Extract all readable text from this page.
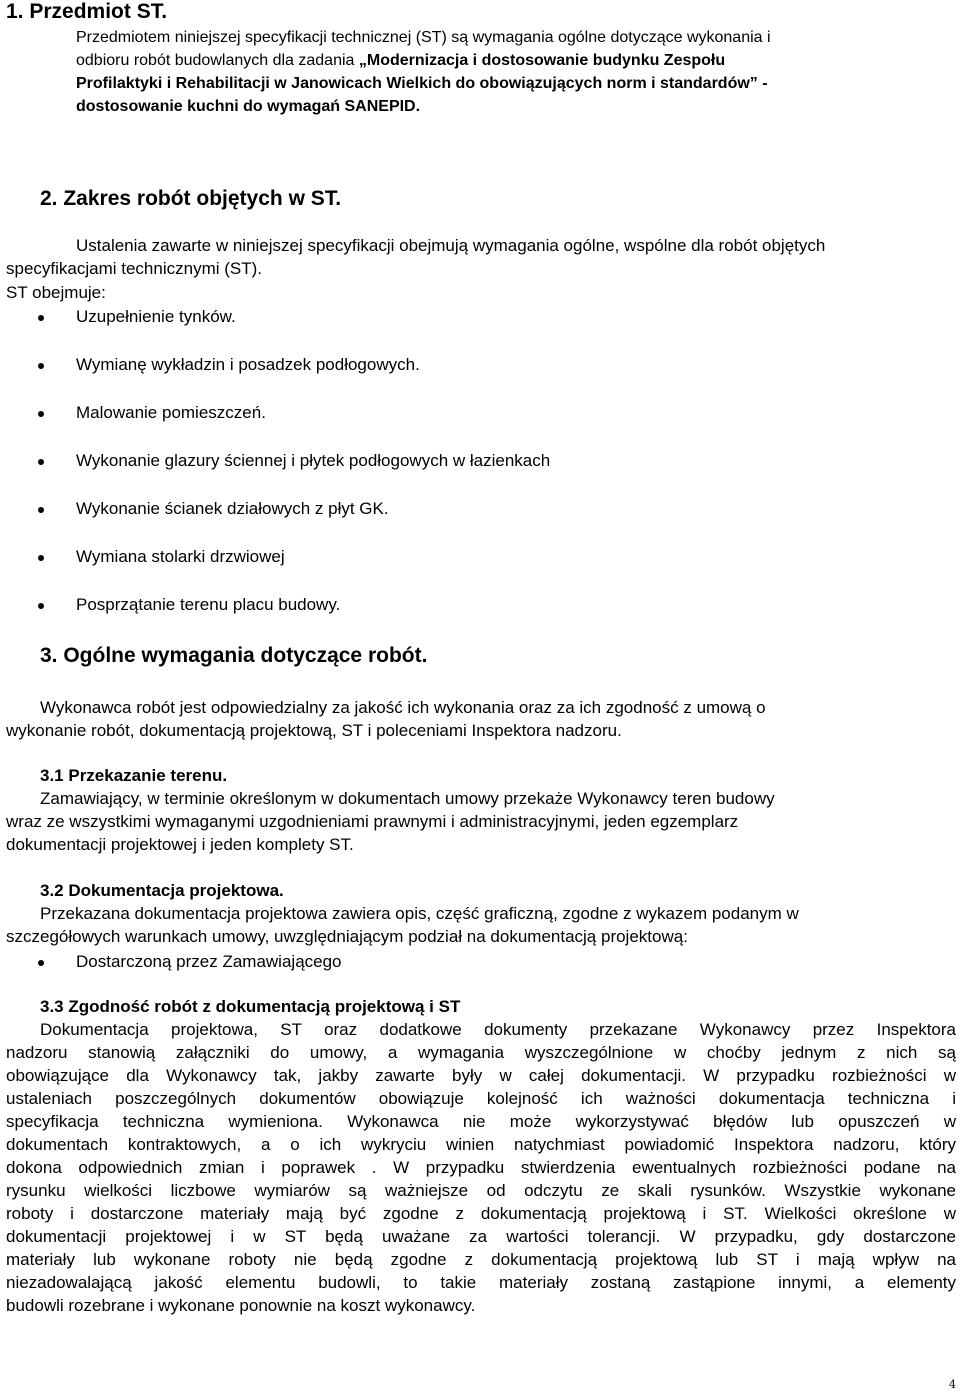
1. Przedmiot ST.
Przedmiotem niniejszej specyfikacji technicznej (ST) są wymagania ogólne dotyczące wykonania i
odbioru robót budowlanych dla zadania „Modernizacja i dostosowanie budynku Zespołu
Profilaktyki i Rehabilitacji w Janowicach Wielkich do obowiązujących norm i standardów” -
dostosowanie kuchni do wymagań SANEPID.
2. Zakres robót objętych w ST.
Ustalenia zawarte w niniejszej specyfikacji obejmują wymagania ogólne, wspólne dla robót objętych
specyfikacjami technicznymi (ST).
ST obejmuje:
Uzupełnienie tynków.
Wymianę wykładzin i posadzek podłogowych.
Malowanie pomieszczeń.
Wykonanie glazury ściennej i płytek podłogowych w łazienkach
Wykonanie ścianek działowych z płyt GK.
Wymiana stolarki drzwiowej
Posprzątanie terenu placu budowy.
3. Ogólne wymagania dotyczące robót.
Wykonawca robót jest odpowiedzialny za jakość ich wykonania oraz za ich zgodność z umową o
wykonanie robót, dokumentacją projektową, ST i poleceniami Inspektora nadzoru.
3.1 Przekazanie terenu.
Zamawiający, w terminie określonym w dokumentach umowy przekaże Wykonawcy teren budowy
wraz ze wszystkimi wymaganymi uzgodnieniami prawnymi i administracyjnymi, jeden egzemplarz
dokumentacji projektowej i jeden komplety ST.
3.2 Dokumentacja projektowa.
Przekazana dokumentacja projektowa zawiera opis, część graficzną, zgodne z wykazem podanym w
szczegółowych warunkach umowy, uwzględniającym podział na dokumentacją projektową:
Dostarczoną przez Zamawiającego
3.3 Zgodność robót z dokumentacją projektową i ST
Dokumentacja projektowa, ST oraz dodatkowe dokumenty przekazane Wykonawcy przez Inspektora
nadzoru stanowią załączniki do umowy, a wymagania wyszczególnione w choćby jednym z nich są
obowiązujące dla Wykonawcy tak, jakby zawarte były w całej dokumentacji. W przypadku rozbieżności w
ustaleniach poszczególnych dokumentów obowiązuje kolejność ich ważności dokumentacja techniczna i
specyfikacja techniczna wymieniona. Wykonawca nie może wykorzystywać błędów lub opuszczeń w
dokumentach kontraktowych, a o ich wykryciu winien natychmiast powiadomić Inspektora nadzoru, który
dokona odpowiednich zmian i poprawek . W przypadku stwierdzenia ewentualnych rozbieżności podane na
rysunku wielkości liczbowe wymiarów są ważniejsze od odczytu ze skali rysunków. Wszystkie wykonane
roboty i dostarczone materiały mają być zgodne z dokumentacją projektową i ST. Wielkości określone w
dokumentacji projektowej i w ST będą uważane za wartości tolerancji. W przypadku, gdy dostarczone
materiały lub wykonane roboty nie będą zgodne z dokumentacją projektową lub ST i mają wpływ na
niezadowalającą jakość elementu budowli, to takie materiały zostaną zastąpione innymi, a elementy
budowli rozebrane i wykonane ponownie na koszt wykonawcy.
4
